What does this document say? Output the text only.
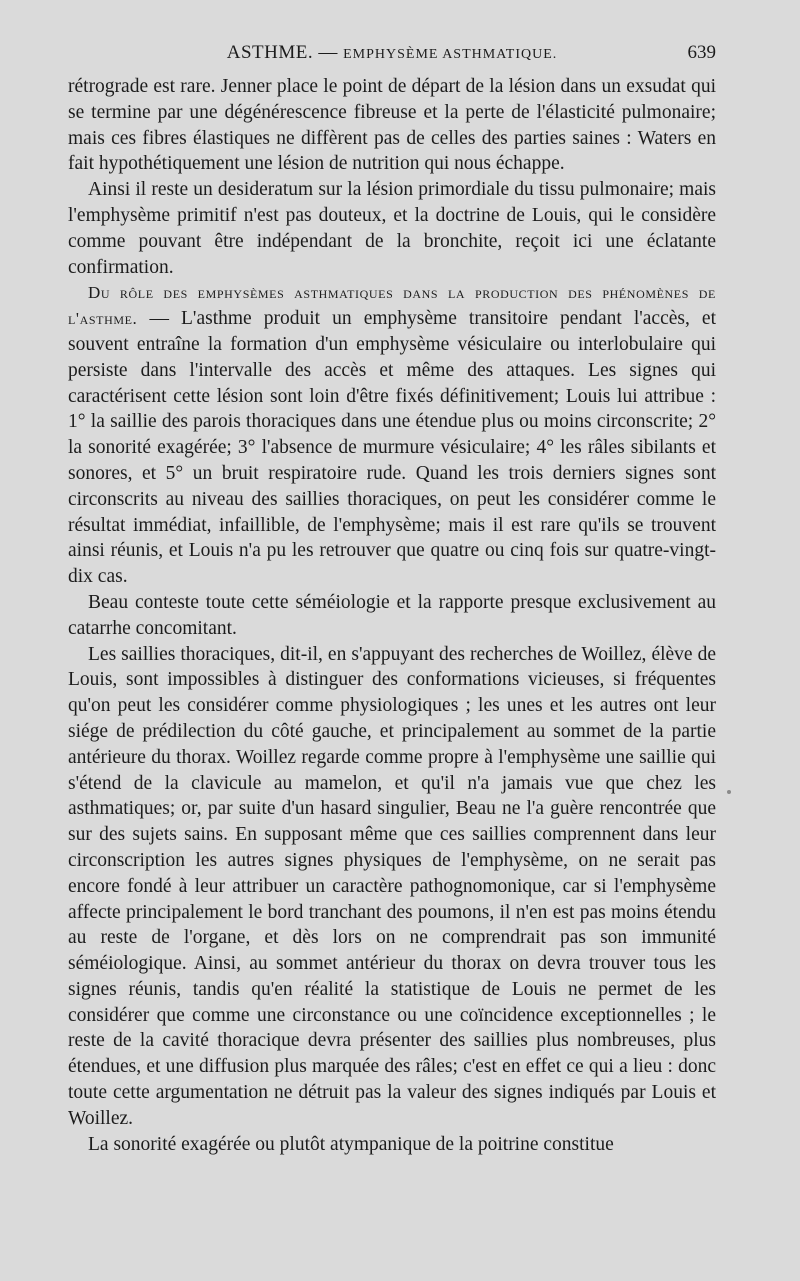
ASTHME. — EMPHYSÈME ASTHMATIQUE.	639

rétrograde est rare. Jenner place le point de départ de la lésion dans un exsudat qui se termine par une dégénérescence fibreuse et la perte de l'élasticité pulmonaire; mais ces fibres élastiques ne diffèrent pas de celles des parties saines : Waters en fait hypothétiquement une lésion de nutrition qui nous échappe.

Ainsi il reste un desideratum sur la lésion primordiale du tissu pulmonaire; mais l'emphysème primitif n'est pas douteux, et la doctrine de Louis, qui le considère comme pouvant être indépendant de la bronchite, reçoit ici une éclatante confirmation.

Du rôle des emphysèmes asthmatiques dans la production des phénomènes de l'asthme. — L'asthme produit un emphysème transitoire pendant l'accès, et souvent entraîne la formation d'un emphysème vésiculaire ou interlobulaire qui persiste dans l'intervalle des accès et même des attaques. Les signes qui caractérisent cette lésion sont loin d'être fixés définitivement; Louis lui attribue : 1° la saillie des parois thoraciques dans une étendue plus ou moins circonscrite; 2° la sonorité exagérée; 3° l'absence de murmure vésiculaire; 4° les râles sibilants et sonores, et 5° un bruit respiratoire rude. Quand les trois derniers signes sont circonscrits au niveau des saillies thoraciques, on peut les considérer comme le résultat immédiat, infaillible, de l'emphysème; mais il est rare qu'ils se trouvent ainsi réunis, et Louis n'a pu les retrouver que quatre ou cinq fois sur quatre-vingt-dix cas.

Beau conteste toute cette séméiologie et la rapporte presque exclusivement au catarrhe concomitant.

Les saillies thoraciques, dit-il, en s'appuyant des recherches de Woillez, élève de Louis, sont impossibles à distinguer des conformations vicieuses, si fréquentes qu'on peut les considérer comme physiologiques ; les unes et les autres ont leur siége de prédilection du côté gauche, et principalement au sommet de la partie antérieure du thorax. Woillez regarde comme propre à l'emphysème une saillie qui s'étend de la clavicule au mamelon, et qu'il n'a jamais vue que chez les asthmatiques; or, par suite d'un hasard singulier, Beau ne l'a guère rencontrée que sur des sujets sains. En supposant même que ces saillies comprennent dans leur circonscription les autres signes physiques de l'emphysème, on ne serait pas encore fondé à leur attribuer un caractère pathognomonique, car si l'emphysème affecte principalement le bord tranchant des poumons, il n'en est pas moins étendu au reste de l'organe, et dès lors on ne comprendrait pas son immunité séméiologique. Ainsi, au sommet antérieur du thorax on devra trouver tous les signes réunis, tandis qu'en réalité la statistique de Louis ne permet de les considérer que comme une circonstance ou une coïncidence exceptionnelles ; le reste de la cavité thoracique devra présenter des saillies plus nombreuses, plus étendues, et une diffusion plus marquée des râles; c'est en effet ce qui a lieu : donc toute cette argumentation ne détruit pas la valeur des signes indiqués par Louis et Woillez.

La sonorité exagérée ou plutôt atympanique de la poitrine constitue
